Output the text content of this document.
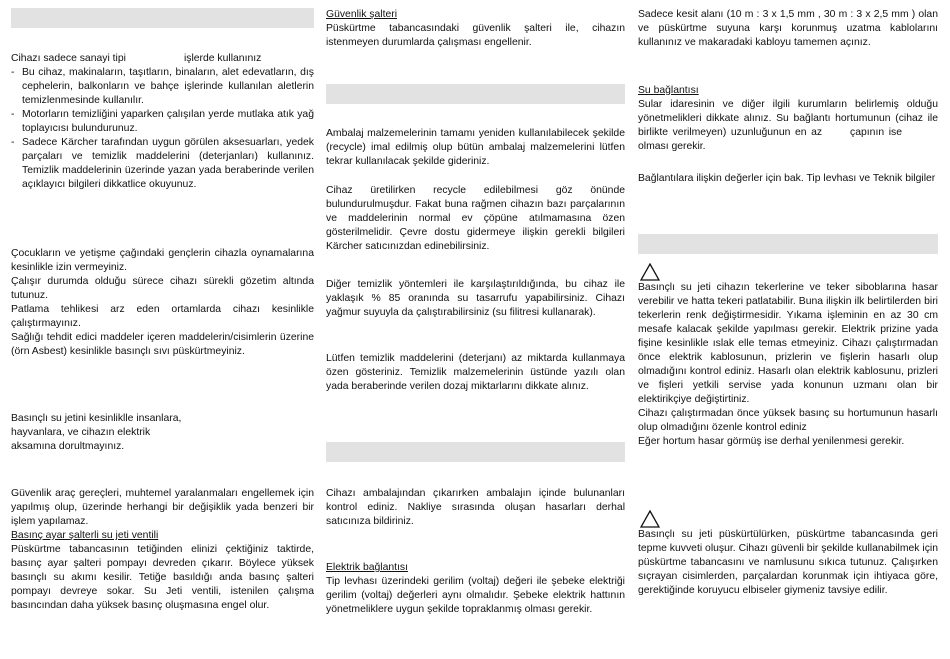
Cihazı sadece sanayi tipi	işlerde kullanınız

- Bu cihaz, makinaların, taşıtların, binaların, alet edevatların, dış cephelerin, balkonların ve bahçe işlerinde kullanılan aletlerin temizlenmesinde kullanılır.
- Motorların temizliğini yaparken çalışılan yerde mutlaka atık yağ toplayıcısı bulundurunuz.
- Sadece Kärcher tarafından uygun görülen aksesuarları, yedek parçaları ve temizlik maddelerini (deterjanları) kullanınız. Temizlik maddelerinin üzerinde yazan yada beraberinde verilen açıklayıcı bilgileri dikkatlice okuyunuz.

Çocukların ve yetişme çağındaki gençlerin cihazla oynamalarına kesinlikle izin vermeyiniz.

Çalışır durumda olduğu sürece cihazı sürekli gözetim altında tutunuz.

Patlama tehlikesi arz eden ortamlarda cihazı kesinlikle çalıştırmayınız.

Sağlığı tehdit edici maddeler içeren maddelerin/cisimlerin üzerine (örn Asbest) kesinlikle basınçlı sıvı püskürtmeyiniz.

Basınçlı su jetini kesinliklle insanlara,

hayvanlara, ve cihazın elektrik

aksamına dorultmayınız.

Güvenlik araç gereçleri, muhtemel yaralanmaları engellemek için yapılmış olup, üzerinde herhangi bir değişiklik yada benzeri bir işlem yapılamaz.

Basınç ayar şalterli su jeti ventili

Püskürtme tabancasının tetiğinden elinizi çektiğiniz taktirde, basınç ayar şalteri pompayı devreden çıkarır. Böylece yüksek basınçlı su akımı kesilir. Tetiğe basıldığı anda basınç şalteri pompayı devreye sokar. Su Jeti ventili, istenilen çalışma basıncından daha yüksek basınç oluşmasına engel olur.

Güvenlik şalteri

Püskürtme tabancasındaki güvenlik şalteri ile, cihazın istenmeyen durumlarda çalışması engellenir.

Ambalaj malzemelerinin tamamı yeniden kullanılabilecek şekilde (recycle) imal edilmiş olup bütün ambalaj malzemelerini lütfen tekrar kullanılacak şekilde gideriniz.

Cihaz üretilirken recycle edilebilmesi göz önünde bulundurulmuşdur. Fakat buna rağmen cihazın bazı parçalarının ve maddelerinin normal ev çöpüne atılmamasına özen gösterilmelidir. Çevre dostu gidermeye ilişkin gerekli bilgileri Kärcher satıcınızdan edinebilirsiniz.

Diğer temizlik yöntemleri ile karşılaştırıldığında, bu cihaz ile yaklaşık % 85 oranında su tasarrufu yapabilirsiniz. Cihazı yağmur suyuyla da çalıştırabilirsiniz (su filitresi kullanarak).

Lütfen temizlik maddelerini (deterjanı) az miktarda kullanmaya özen gösteriniz. Temizlik malzemelerinin üstünde yazılı olan yada beraberinde verilen dozaj miktarlarını dikkate alınız.

Cihazı ambalajından çıkarırken ambalajın içinde bulunanları kontrol ediniz. Nakliye sırasında oluşan hasarları derhal satıcınıza bildiriniz.

Elektrik bağlantısı

Tip levhası üzerindeki gerilim (voltaj) değeri ile şebeke elektriği gerilim (voltaj) değerleri aynı olmalıdır. Şebeke elektrik hattının yönetmeliklere uygun şekilde topraklanmış olması gerekir.

Sadece kesit alanı (10 m : 3 x 1,5 mm , 30 m : 3 x 2,5 mm ) olan ve püskürtme suyuna karşı korunmuş uzatma kablolarını kullanınız ve makaradaki kabloyu tamemen açınız.

Su bağlantısı

Sular idaresinin ve diğer ilgili kurumların belirlemiş olduğu yönetmelikleri dikkate alınız. Su bağlantı hortumunun (cihaz ile birlikte verilmeyen) uzunluğunun en az	çapının iseolması gerekir.

Bağlantılara ilişkin değerler için bak. Tip levhası ve Teknik bilgiler

Basınçlı su jeti cihazın tekerlerine ve teker siboblarına hasar verebilir ve hatta tekeri patlatabilir. Buna ilişkin ilk belirtilerden biri tekerlerin renk değiştirmesidir. Yıkama işleminin en az 30 cm mesafe kalacak şekilde yapılması gerekir. Elektrik prizine yada fişine kesinlikle ıslak elle temas etmeyiniz. Cihazı çalıştırmadan önce elektrik kablosunun, prizlerin ve fişlerin hasarlı olup olmadığını kontrol ediniz. Hasarlı olan elektrik kablosunu, prizleri ve fişleri yetkili servise yada konunun uzmanı olan bir elektirikçiye değiştirtiniz.

Cihazı çalıştırmadan önce yüksek basınç su hortumunun hasarlı olup olmadığını özenle kontrol ediniz

Eğer hortum hasar görmüş ise derhal yenilenmesi gerekir.

Basınçlı su jeti püskürtülürken, püskürtme tabancasında geri tepme kuvveti oluşur. Cihazı güvenli bir şekilde kullanabilmek için püskürtme tabancasını ve namlusunu sıkıca tutunuz. Çalışırken sıçrayan cisimlerden, parçalardan korunmak için ihtiyaca göre, gerektiğinde koruyucu elbiseler giymeniz tavsiye edilir.
